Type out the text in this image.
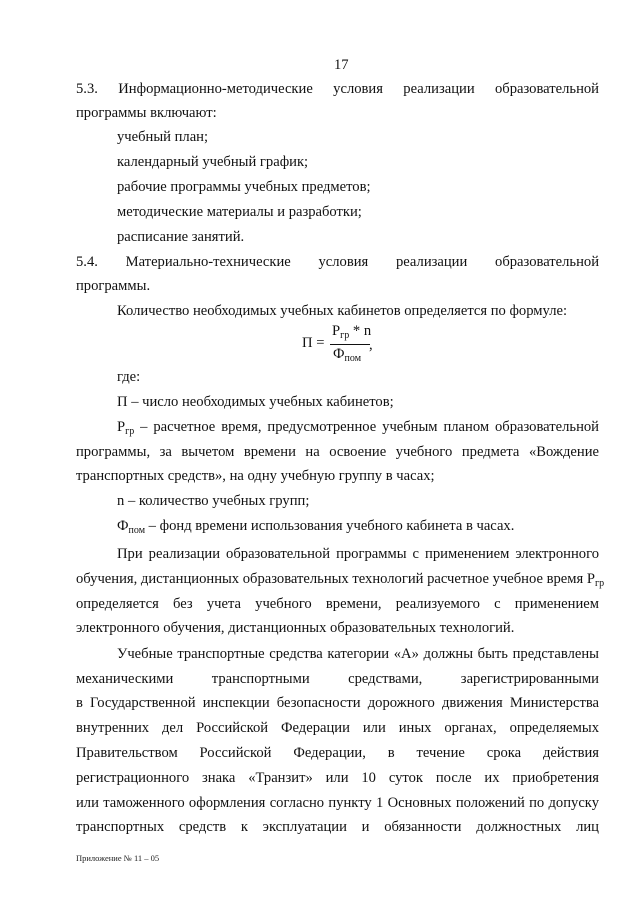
17
5.3. Информационно-методические условия реализации образовательной
программы включают:
учебный план;
календарный учебный график;
рабочие программы учебных предметов;
методические материалы и разработки;
расписание занятий.
5.4. Материально-технические условия реализации образовательной
программы.
Количество необходимых учебных кабинетов определяется по формуле:
П =
$P_{гр}$ * n
$Ф_{пом}$
,
где:
П – число необходимых учебных кабинетов;
$P_{гр}$ – расчетное время, предусмотренное учебным планом образовательной
программы, за вычетом времени на освоение учебного предмета «Вождение
транспортных средств», на одну учебную группу в часах;
n – количество учебных групп;
$Ф_{пом}$ – фонд времени использования учебного кабинета в часах.
При реализации образовательной программы с применением электронного
обучения, дистанционных образовательных технологий расчетное учебное время $P_{гр}$
определяется без учета учебного времени, реализуемого с применением
электронного обучения, дистанционных образовательных технологий.
Учебные транспортные средства категории «А» должны быть представлены
механическими транспортными средствами, зарегистрированными
в Государственной инспекции безопасности дорожного движения Министерства
внутренних дел Российской Федерации или иных органах, определяемых
Правительством Российской Федерации, в течение срока действия
регистрационного знака «Транзит» или 10 суток после их приобретения
или таможенного оформления согласно пункту 1 Основных положений по допуску
транспортных средств к эксплуатации и обязанности должностных лиц
Приложение № 11 – 05
